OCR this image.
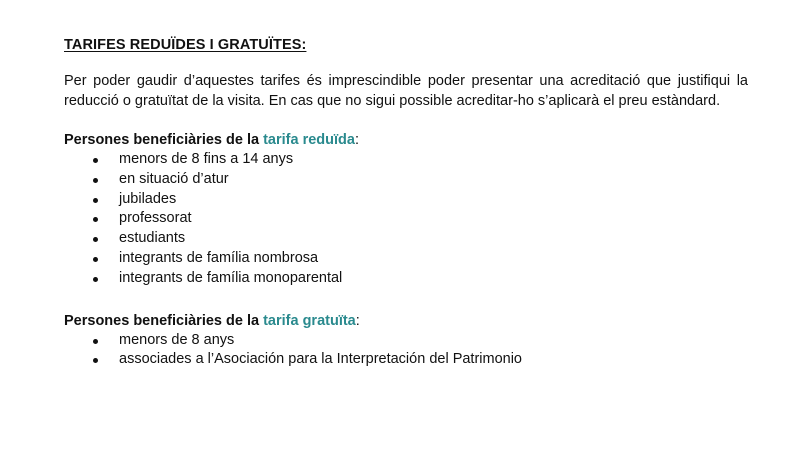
TARIFES REDUÏDES I GRATUÏTES:

Per poder gaudir d’aquestes tarifes és imprescindible poder presentar una acreditació que justifiqui la reducció o gratuïtat de la visita. En cas que no sigui possible acreditar-ho s’aplicarà el preu estàndard.

Persones beneficiàries de la tarifa reduïda:

menors de 8 fins a 14 anys
en situació d’atur
jubilades
professorat
estudiants
integrants de família nombrosa
integrants de família monoparental

Persones beneficiàries de la tarifa gratuïta:

menors de 8 anys
associades a l’Asociación para la Interpretación del Patrimonio
